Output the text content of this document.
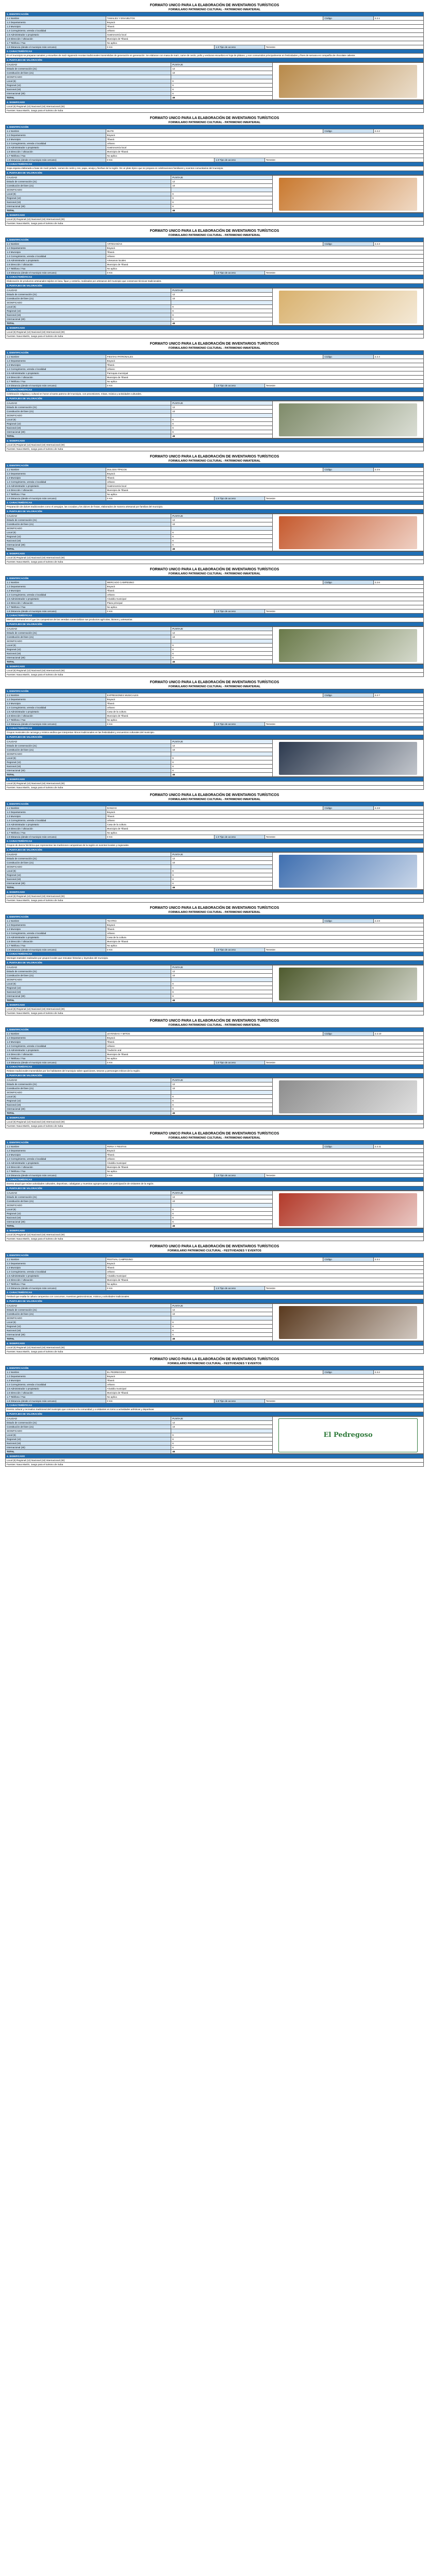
FORMATO UNICO PARA LA ELABORACIÓN DE INVENTARIOS TURÍSTICOS
FORMULARIO PATRIMONIO CULTURAL - PATRIMONIO INMATERIAL
1. IDENTIFICACIÓN					
1.1 Nombre	TAMALES Y ENVUELTOS			Código	2.2.1
1.2 Departamento	Boyacá				
1.3 Municipio	Tibaná				
1.4 Corregimiento, vereda o localidad	Urbano				
1.5 Administrador o propietario	Gastronomía local				
1.6 Dirección / Ubicación	Municipio de Tibaná				
1.7 Teléfono / Fax	No aplica				
1.8 Distancia (desde el municipio más cercano)	0 Km	1.9 Tipo de acceso	Terrestre		
2. CARACTERÍSTICAS					
En el municipio se preparan tamales y envueltos de maíz siguiendo recetas tradicionales transmitidas de generación en generación. Se elaboran con masa de maíz, carne de cerdo, pollo y verduras envueltos en hoja de plátano, y son consumidos principalmente en festividades y fines de semana en compañía de chocolate caliente.					
3. PUNTAJES DE VALORACIÓN					
CALIDAD	PUNTAJE
Estado de conservación (21)	12
Constitución del bien (21)	10
SIGNIFICADO	
Local (6)	6
Regional (12)	6
Nacional (18)	6
Internacional (30)	6
TOTAL	46
4. SIGNIFICADO
Local (6) Regional (12) Nacional (18) Internacional (30)
Fuentes: Nava Martín, Juego para el turismo de Suba
FORMATO UNICO PARA LA ELABORACIÓN DE INVENTARIOS TURÍSTICOS
FORMULARIO PATRIMONIO CULTURAL - PATRIMONIO INMATERIAL
1. IDENTIFICACIÓN					
1.1 Nombre	MUTE			Código	2.2.2
1.2 Departamento	Boyacá				
1.3 Municipio	Tibaná				
1.4 Corregimiento, vereda o localidad	Urbano				
1.5 Administrador o propietario	Gastronomía local				
1.6 Dirección / Ubicación	Municipio de Tibaná				
1.7 Teléfono / Fax	No aplica				
1.8 Distancia (desde el municipio más cercano)	0 Km	1.9 Tipo de acceso	Terrestre		
2. CARACTERÍSTICAS					
Sopa espesa elaborada a base de maíz pelado, carnes de cerdo y res, papa, arveja y hierbas de la región. Es un plato típico que se prepara en celebraciones familiares y eventos comunitarios del municipio.					
3. PUNTAJES DE VALORACIÓN					
CALIDAD	PUNTAJE
Estado de conservación (21)	12
Constitución del bien (21)	10
SIGNIFICADO	
Local (6)	6
Regional (12)	6
Nacional (18)	6
Internacional (30)	6
TOTAL	46
4. SIGNIFICADO
Local (6) Regional (12) Nacional (18) Internacional (30)
Fuentes: Nava Martín, Juego para el turismo de Suba
FORMATO UNICO PARA LA ELABORACIÓN DE INVENTARIOS TURÍSTICOS
FORMULARIO PATRIMONIO CULTURAL - PATRIMONIO INMATERIAL
1. IDENTIFICACIÓN					
1.1 Nombre	ARTESANÍAS			Código	2.2.3
1.2 Departamento	Boyacá				
1.3 Municipio	Tibaná				
1.4 Corregimiento, vereda o localidad	Urbano				
1.5 Administrador o propietario	Artesanos locales				
1.6 Dirección / Ubicación	Municipio de Tibaná				
1.7 Teléfono / Fax	No aplica				
1.8 Distancia (desde el municipio más cercano)	0 Km	1.9 Tipo de acceso	Terrestre		
2. CARACTERÍSTICAS					
Elaboración de productos artesanales tejidos en lana, fique y cestería, realizados por artesanos del municipio que conservan técnicas tradicionales.					
3. PUNTAJES DE VALORACIÓN					
CALIDAD	PUNTAJE
Estado de conservación (21)	12
Constitución del bien (21)	10
SIGNIFICADO	
Local (6)	6
Regional (12)	6
Nacional (18)	6
Internacional (30)	6
TOTAL	46
4. SIGNIFICADO
Local (6) Regional (12) Nacional (18) Internacional (30)
Fuentes: Nava Martín, Juego para el turismo de Suba
FORMATO UNICO PARA LA ELABORACIÓN DE INVENTARIOS TURÍSTICOS
FORMULARIO PATRIMONIO CULTURAL - PATRIMONIO INMATERIAL
1. IDENTIFICACIÓN					
1.1 Nombre	FIESTAS PATRONALES			Código	2.2.4
1.2 Departamento	Boyacá				
1.3 Municipio	Tibaná				
1.4 Corregimiento, vereda o localidad	Urbano				
1.5 Administrador o propietario	Parroquia municipal				
1.6 Dirección / Ubicación	Municipio de Tibaná				
1.7 Teléfono / Fax	No aplica				
1.8 Distancia (desde el municipio más cercano)	0 Km	1.9 Tipo de acceso	Terrestre		
2. CARACTERÍSTICAS					
Celebración religiosa y cultural en honor al santo patrono del municipio, con procesiones, misas, música y actividades culturales.					
3. PUNTAJES DE VALORACIÓN					
CALIDAD	PUNTAJE
Estado de conservación (21)	12
Constitución del bien (21)	10
SIGNIFICADO	
Local (6)	6
Regional (12)	6
Nacional (18)	6
Internacional (30)	6
TOTAL	46
4. SIGNIFICADO
Local (6) Regional (12) Nacional (18) Internacional (30)
Fuentes: Nava Martín, Juego para el turismo de Suba
FORMATO UNICO PARA LA ELABORACIÓN DE INVENTARIOS TURÍSTICOS
FORMULARIO PATRIMONIO CULTURAL - PATRIMONIO INMATERIAL
1. IDENTIFICACIÓN					
1.1 Nombre	DULCES TÍPICOS			Código	2.2.5
1.2 Departamento	Boyacá				
1.3 Municipio	Tibaná				
1.4 Corregimiento, vereda o localidad	Urbano				
1.5 Administrador o propietario	Gastronomía local				
1.6 Dirección / Ubicación	Municipio de Tibaná				
1.7 Teléfono / Fax	No aplica				
1.8 Distancia (desde el municipio más cercano)	0 Km	1.9 Tipo de acceso	Terrestre		
2. CARACTERÍSTICAS					
Preparación de dulces tradicionales como el arequipe, las cocadas y los dulces de frutas, elaborados de manera artesanal por familias del municipio.					
3. PUNTAJES DE VALORACIÓN					
CALIDAD	PUNTAJE
Estado de conservación (21)	12
Constitución del bien (21)	10
SIGNIFICADO	
Local (6)	6
Regional (12)	6
Nacional (18)	6
Internacional (30)	6
TOTAL	46
4. SIGNIFICADO
Local (6) Regional (12) Nacional (18) Internacional (30)
Fuentes: Nava Martín, Juego para el turismo de Suba
FORMATO UNICO PARA LA ELABORACIÓN DE INVENTARIOS TURÍSTICOS
FORMULARIO PATRIMONIO CULTURAL - PATRIMONIO INMATERIAL
1. IDENTIFICACIÓN					
1.1 Nombre	MERCADO CAMPESINO			Código	2.2.6
1.2 Departamento	Boyacá				
1.3 Municipio	Tibaná				
1.4 Corregimiento, vereda o localidad	Urbano				
1.5 Administrador o propietario	Alcaldía municipal				
1.6 Dirección / Ubicación	Plaza principal				
1.7 Teléfono / Fax	No aplica				
1.8 Distancia (desde el municipio más cercano)	0 Km	1.9 Tipo de acceso	Terrestre		
2. CARACTERÍSTICAS					
Mercado semanal en el que los campesinos de las veredas comercializan sus productos agrícolas, lácteos y artesanías.					
3. PUNTAJES DE VALORACIÓN					
CALIDAD	PUNTAJE
Estado de conservación (21)	12
Constitución del bien (21)	10
SIGNIFICADO	
Local (6)	6
Regional (12)	6
Nacional (18)	6
Internacional (30)	6
TOTAL	46
4. SIGNIFICADO
Local (6) Regional (12) Nacional (18) Internacional (30)
Fuentes: Nava Martín, Juego para el turismo de Suba
FORMATO UNICO PARA LA ELABORACIÓN DE INVENTARIOS TURÍSTICOS
FORMULARIO PATRIMONIO CULTURAL - PATRIMONIO INMATERIAL
1. IDENTIFICACIÓN					
1.1 Nombre	EXPRESIONES MUSICALES			Código	2.2.7
1.2 Departamento	Boyacá				
1.3 Municipio	Tibaná				
1.4 Corregimiento, vereda o localidad	Urbano				
1.5 Administrador o propietario	Casa de la cultura				
1.6 Dirección / Ubicación	Municipio de Tibaná				
1.7 Teléfono / Fax	No aplica				
1.8 Distancia (desde el municipio más cercano)	0 Km	1.9 Tipo de acceso	Terrestre		
2. CARACTERÍSTICAS					
Grupos musicales de carranga y música andina que interpretan ritmos tradicionales en las festividades y encuentros culturales del municipio.					
3. PUNTAJES DE VALORACIÓN					
CALIDAD	PUNTAJE
Estado de conservación (21)	12
Constitución del bien (21)	10
SIGNIFICADO	
Local (6)	6
Regional (12)	6
Nacional (18)	6
Internacional (30)	6
TOTAL	46
4. SIGNIFICADO
Local (6) Regional (12) Nacional (18) Internacional (30)
Fuentes: Nava Martín, Juego para el turismo de Suba
FORMATO UNICO PARA LA ELABORACIÓN DE INVENTARIOS TURÍSTICOS
FORMULARIO PATRIMONIO CULTURAL - PATRIMONIO INMATERIAL
1. IDENTIFICACIÓN					
1.1 Nombre	DANZAS			Código	2.2.8
1.2 Departamento	Boyacá				
1.3 Municipio	Tibaná				
1.4 Corregimiento, vereda o localidad	Urbano				
1.5 Administrador o propietario	Casa de la cultura				
1.6 Dirección / Ubicación	Municipio de Tibaná				
1.7 Teléfono / Fax	No aplica				
1.8 Distancia (desde el municipio más cercano)	0 Km	1.9 Tipo de acceso	Terrestre		
2. CARACTERÍSTICAS					
Grupos de danza folclórica que representan las tradiciones campesinas de la región en eventos locales y regionales.					
3. PUNTAJES DE VALORACIÓN					
CALIDAD	PUNTAJE
Estado de conservación (21)	12
Constitución del bien (21)	10
SIGNIFICADO	
Local (6)	6
Regional (12)	6
Nacional (18)	6
Internacional (30)	6
TOTAL	46
4. SIGNIFICADO
Local (6) Regional (12) Nacional (18) Internacional (30)
Fuentes: Nava Martín, Juego para el turismo de Suba
FORMATO UNICO PARA LA ELABORACIÓN DE INVENTARIOS TURÍSTICOS
FORMULARIO PATRIMONIO CULTURAL - PATRIMONIO INMATERIAL
1. IDENTIFICACIÓN					
1.1 Nombre	TEATRO			Código	2.2.9
1.2 Departamento	Boyacá				
1.3 Municipio	Tibaná				
1.4 Corregimiento, vereda o localidad	Urbano				
1.5 Administrador o propietario	Casa de la cultura				
1.6 Dirección / Ubicación	Municipio de Tibaná				
1.7 Teléfono / Fax	No aplica				
1.8 Distancia (desde el municipio más cercano)	0 Km	1.9 Tipo de acceso	Terrestre		
2. CARACTERÍSTICAS					
Montajes teatrales realizados por grupos locales que rescatan historias y leyendas del municipio.					
3. PUNTAJES DE VALORACIÓN					
CALIDAD	PUNTAJE
Estado de conservación (21)	12
Constitución del bien (21)	10
SIGNIFICADO	
Local (6)	6
Regional (12)	6
Nacional (18)	6
Internacional (30)	6
TOTAL	46
4. SIGNIFICADO
Local (6) Regional (12) Nacional (18) Internacional (30)
Fuentes: Nava Martín, Juego para el turismo de Suba
FORMATO UNICO PARA LA ELABORACIÓN DE INVENTARIOS TURÍSTICOS
FORMULARIO PATRIMONIO CULTURAL - PATRIMONIO INMATERIAL
1. IDENTIFICACIÓN					
1.1 Nombre	LEYENDAS Y MITOS			Código	2.2.10
1.2 Departamento	Boyacá				
1.3 Municipio	Tibaná				
1.4 Corregimiento, vereda o localidad	Urbano				
1.5 Administrador o propietario	Tradición oral				
1.6 Dirección / Ubicación	Municipio de Tibaná				
1.7 Teléfono / Fax	No aplica				
1.8 Distancia (desde el municipio más cercano)	0 Km	1.9 Tipo de acceso	Terrestre		
2. CARACTERÍSTICAS					
Relatos tradicionales transmitidos por los habitantes del municipio sobre apariciones, tesoros y personajes míticos de la región.					
3. PUNTAJES DE VALORACIÓN					
CALIDAD	PUNTAJE
Estado de conservación (21)	12
Constitución del bien (21)	10
SIGNIFICADO	
Local (6)	6
Regional (12)	6
Nacional (18)	6
Internacional (30)	6
TOTAL	46
4. SIGNIFICADO
Local (6) Regional (12) Nacional (18) Internacional (30)
Fuentes: Nava Martín, Juego para el turismo de Suba
FORMATO UNICO PARA LA ELABORACIÓN DE INVENTARIOS TURÍSTICOS
FORMULARIO PATRIMONIO CULTURAL - PATRIMONIO INMATERIAL
1. IDENTIFICACIÓN					
1.1 Nombre	FERIA Y FIESTAS			Código	2.2.11
1.2 Departamento	Boyacá				
1.3 Municipio	Tibaná				
1.4 Corregimiento, vereda o localidad	Urbano				
1.5 Administrador o propietario	Alcaldía municipal				
1.6 Dirección / Ubicación	Municipio de Tibaná				
1.7 Teléfono / Fax	No aplica				
1.8 Distancia (desde el municipio más cercano)	0 Km	1.9 Tipo de acceso	Terrestre		
2. CARACTERÍSTICAS					
Evento anual que reúne actividades culturales, deportivas, cabalgatas y muestras agropecuarias con participación de visitantes de la región.					
3. PUNTAJES DE VALORACIÓN					
CALIDAD	PUNTAJE
Estado de conservación (21)	12
Constitución del bien (21)	10
SIGNIFICADO	
Local (6)	6
Regional (12)	6
Nacional (18)	6
Internacional (30)	6
TOTAL	46
4. SIGNIFICADO
Local (6) Regional (12) Nacional (18) Internacional (30)
Fuentes: Nava Martín, Juego para el turismo de Suba
FORMATO UNICO PARA LA ELABORACIÓN DE INVENTARIOS TURÍSTICOS
FORMULARIO PATRIMONIO CULTURAL - FESTIVIDADES Y EVENTOS
1. IDENTIFICACIÓN					
1.1 Nombre	FESTIVAL CAMPESINO			Código	2.3.1
1.2 Departamento	Boyacá				
1.3 Municipio	Tibaná				
1.4 Corregimiento, vereda o localidad	Urbano				
1.5 Administrador o propietario	Alcaldía municipal				
1.6 Dirección / Ubicación	Municipio de Tibaná				
1.7 Teléfono / Fax	No aplica				
1.8 Distancia (desde el municipio más cercano)	0 Km	1.9 Tipo de acceso	Terrestre		
2. CARACTERÍSTICAS					
Festival que exalta la cultura campesina con concursos, muestras gastronómicas, música y actividades tradicionales.					
3. PUNTAJES DE VALORACIÓN					
CALIDAD	PUNTAJE
Estado de conservación (21)	12
Constitución del bien (21)	10
SIGNIFICADO	
Local (6)	6
Regional (12)	6
Nacional (18)	6
Internacional (30)	6
TOTAL	46
4. SIGNIFICADO
Local (6) Regional (12) Nacional (18) Internacional (30)
Fuentes: Nava Martín, Juego para el turismo de Suba
FORMATO UNICO PARA LA ELABORACIÓN DE INVENTARIOS TURÍSTICOS
FORMULARIO PATRIMONIO CULTURAL - FESTIVIDADES Y EVENTOS
1. IDENTIFICACIÓN					
1.1 Nombre	EL PEDREGOSO			Código	2.3.2
1.2 Departamento	Boyacá				
1.3 Municipio	Tibaná				
1.4 Corregimiento, vereda o localidad	Urbano				
1.5 Administrador o propietario	Alcaldía municipal				
1.6 Dirección / Ubicación	Municipio de Tibaná				
1.7 Teléfono / Fax	No aplica				
1.8 Distancia (desde el municipio más cercano)	0 Km	1.9 Tipo de acceso	Terrestre		
2. CARACTERÍSTICAS					
Evento cultural y recreativo tradicional del municipio que convoca a la comunidad y a visitantes en torno a actividades artísticas y deportivas.					
3. PUNTAJES DE VALORACIÓN					
CALIDAD	PUNTAJE
Estado de conservación (21)	12
Constitución del bien (21)	10
SIGNIFICADO	
Local (6)	6
Regional (12)	6
Nacional (18)	6
Internacional (30)	6
TOTAL	46
El Pedregoso
4. SIGNIFICADO
Local (6) Regional (12) Nacional (18) Internacional (30)
Fuentes: Nava Martín, Juego para el turismo de Suba
